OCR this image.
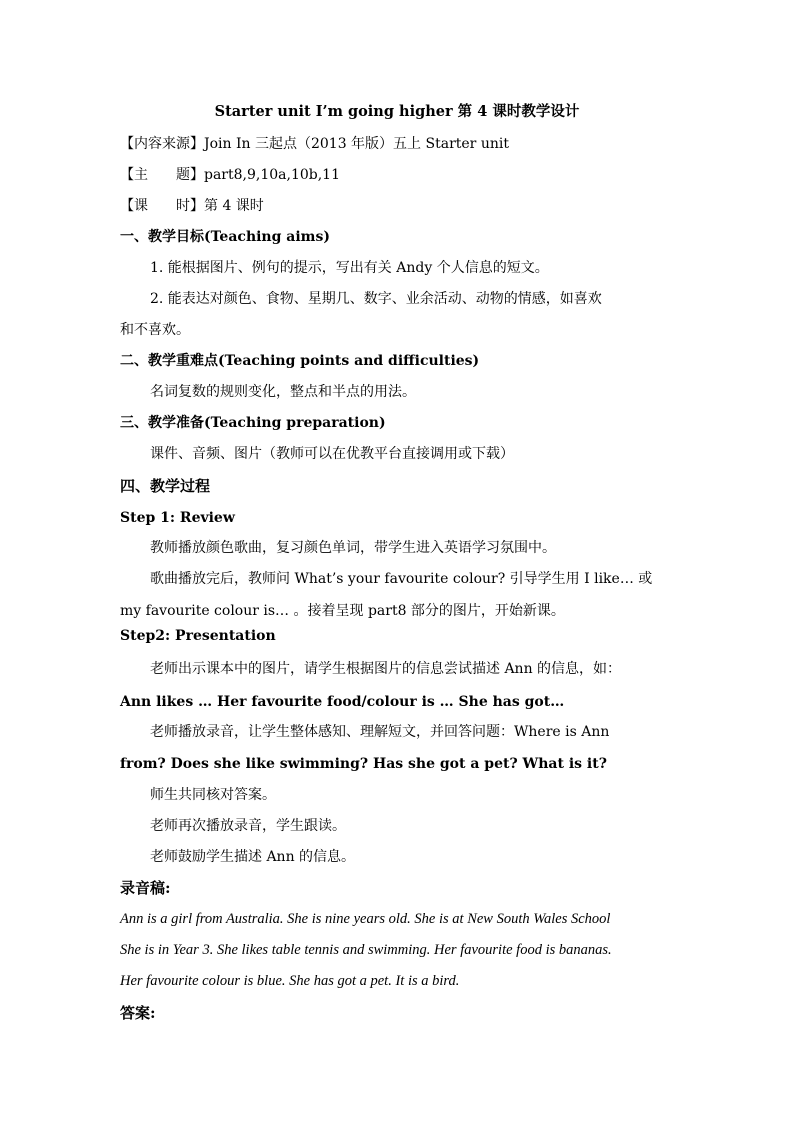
Starter unit I’m going higher 第 4 课时教学设计
【内容来源】Join In 三起点（2013 年版）五上 Starter unit
【主　　题】part8,9,10a,10b,11
【课　　时】第 4 课时
一、教学目标(Teaching aims)
1. 能根据图片、例句的提示，写出有关 Andy 个人信息的短文。
2. 能表达对颜色、食物、星期几、数字、业余活动、动物的情感，如喜欢
和不喜欢。
二、教学重难点(Teaching points and difficulties)
名词复数的规则变化，整点和半点的用法。
三、教学准备(Teaching preparation)
课件、音频、图片（教师可以在优教平台直接调用或下载）
四、教学过程
Step 1: Review
教师播放颜色歌曲，复习颜色单词，带学生进入英语学习氛围中。
歌曲播放完后，教师问 What’s your favourite colour? 引导学生用 I like… 或
my favourite colour is… 。接着呈现 part8 部分的图片，开始新课。
Step2: Presentation
老师出示课本中的图片，请学生根据图片的信息尝试描述 Ann 的信息，如：
Ann likes … Her favourite food/colour is … She has got…
老师播放录音，让学生整体感知、理解短文，并回答问题：Where is Ann
from? Does she like swimming? Has she got a pet? What is it?
师生共同核对答案。
老师再次播放录音，学生跟读。
老师鼓励学生描述 Ann 的信息。
录音稿:
Ann is a girl from Australia. She is nine years old. She is at New South Wales School
She is in Year 3. She likes table tennis and swimming. Her favourite food is bananas.
Her favourite colour is blue. She has got a pet. It is a bird.
答案:
